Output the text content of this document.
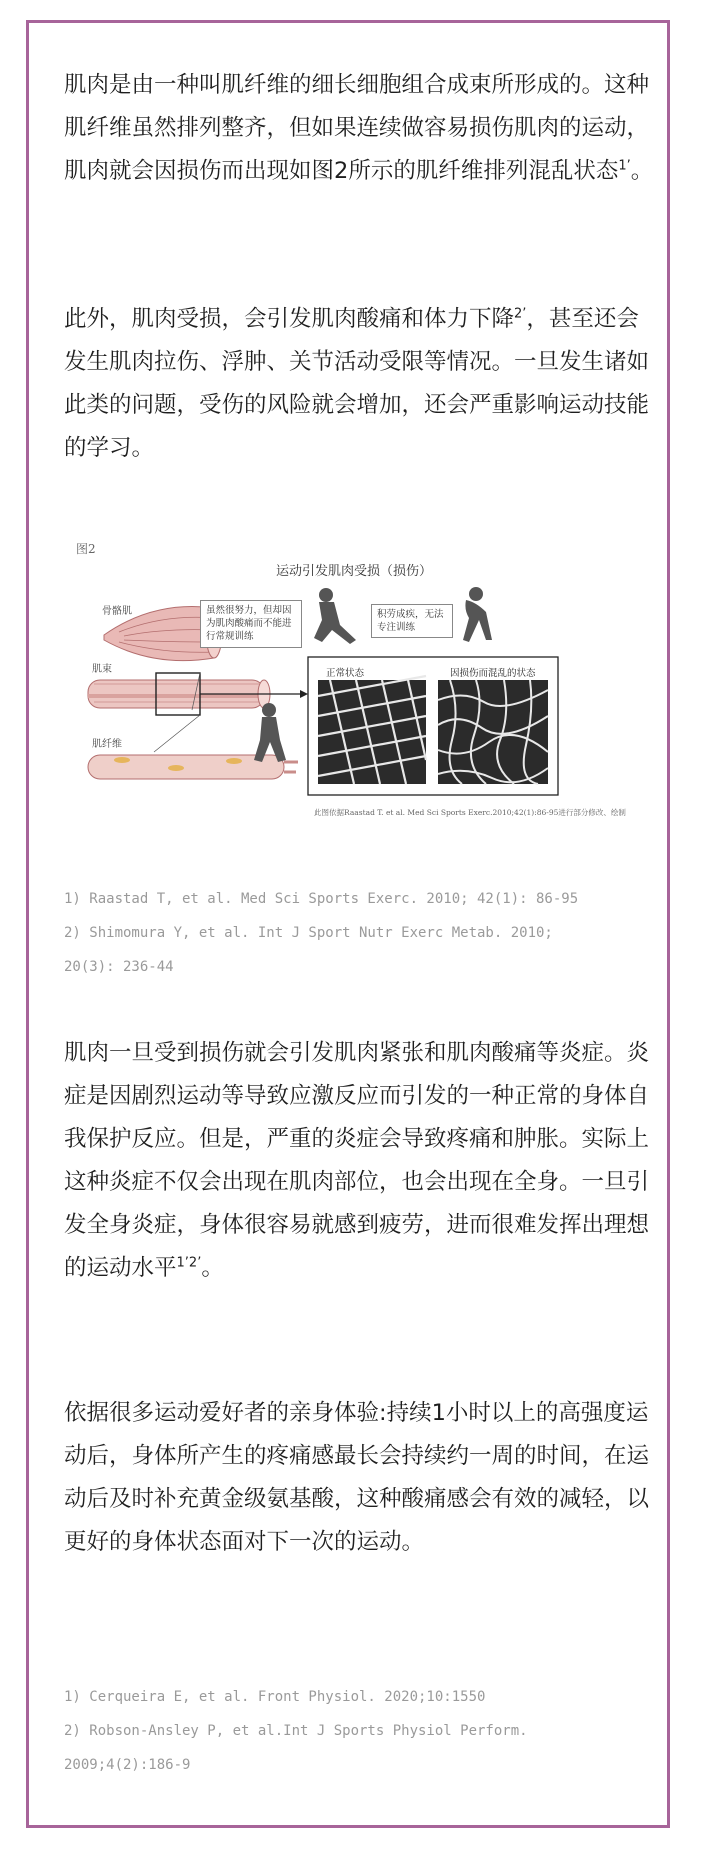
肌肉是由一种叫肌纤维的细长细胞组合成束所形成的。这种肌纤维虽然排列整齐，但如果连续做容易损伤肌肉的运动，肌肉就会因损伤而出现如图2所示的肌纤维排列混乱状态$^{1’}$。

此外，肌肉受损，会引发肌肉酸痛和体力下降$^{2’}$，甚至还会发生肌肉拉伤、浮肿、关节活动受限等情况。一旦发生诸如此类的问题，受伤的风险就会增加，还会严重影响运动技能的学习。

图2
运动引发肌肉受损（损伤）
骨骼肌
肌束
肌纤维
虽然很努力，但却因为肌肉酸痛而不能进行常规训练
积劳成疾，无法专注训练
正常状态	因损伤而混乱的状态
此图依据Raastad T. et al. Med Sci Sports Exerc.2010;42(1):86-95进行部分修改、绘制

1) Raastad T, et al. Med Sci Sports Exerc. 2010; 42(1): 86-95
2) Shimomura Y, et al. Int J Sport Nutr Exerc Metab. 2010;
20(3): 236-44

肌肉一旦受到损伤就会引发肌肉紧张和肌肉酸痛等炎症。炎症是因剧烈运动等导致应激反应而引发的一种正常的身体自我保护反应。但是，严重的炎症会导致疼痛和肿胀。实际上这种炎症不仅会出现在肌肉部位，也会出现在全身。一旦引发全身炎症，身体很容易就感到疲劳，进而很难发挥出理想的运动水平$^{1’2’}$。

依据很多运动爱好者的亲身体验:持续1小时以上的高强度运动后，身体所产生的疼痛感最长会持续约一周的时间，在运动后及时补充黄金级氨基酸，这种酸痛感会有效的减轻，以更好的身体状态面对下一次的运动。

1) Cerqueira E, et al. Front Physiol. 2020;10:1550
2) Robson-Ansley P, et al.Int J Sports Physiol Perform.
2009;4(2):186-9
